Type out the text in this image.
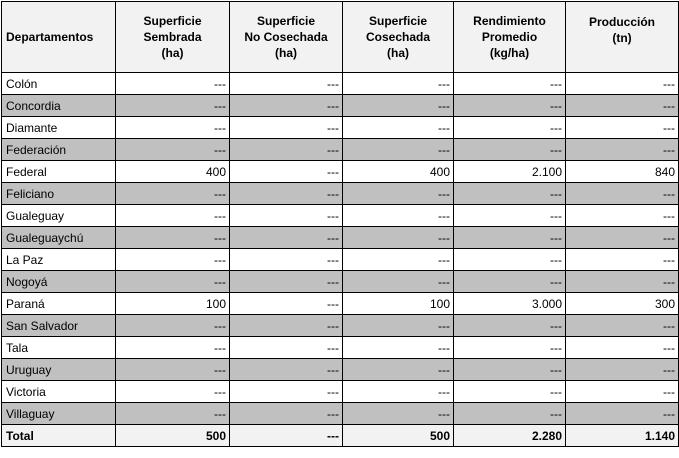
Departamentos	Superficie
Sembrada
(ha)	Superficie
No Cosechada
(ha)	Superficie
Cosechada
(ha)	Rendimiento
Promedio
(kg/ha)	Producción
(tn)
Colón	---	---	---	---	---
Concordia	---	---	---	---	---
Diamante	---	---	---	---	---
Federación	---	---	---	---	---
Federal	400	---	400	2.100	840
Feliciano	---	---	---	---	---
Gualeguay	---	---	---	---	---
Gualeguaychú	---	---	---	---	---
La Paz	---	---	---	---	---
Nogoyá	---	---	---	---	---
Paraná	100	---	100	3.000	300
San Salvador	---	---	---	---	---
Tala	---	---	---	---	---
Uruguay	---	---	---	---	---
Victoria	---	---	---	---	---
Villaguay	---	---	---	---	---
Total	500	---	500	2.280	1.140
